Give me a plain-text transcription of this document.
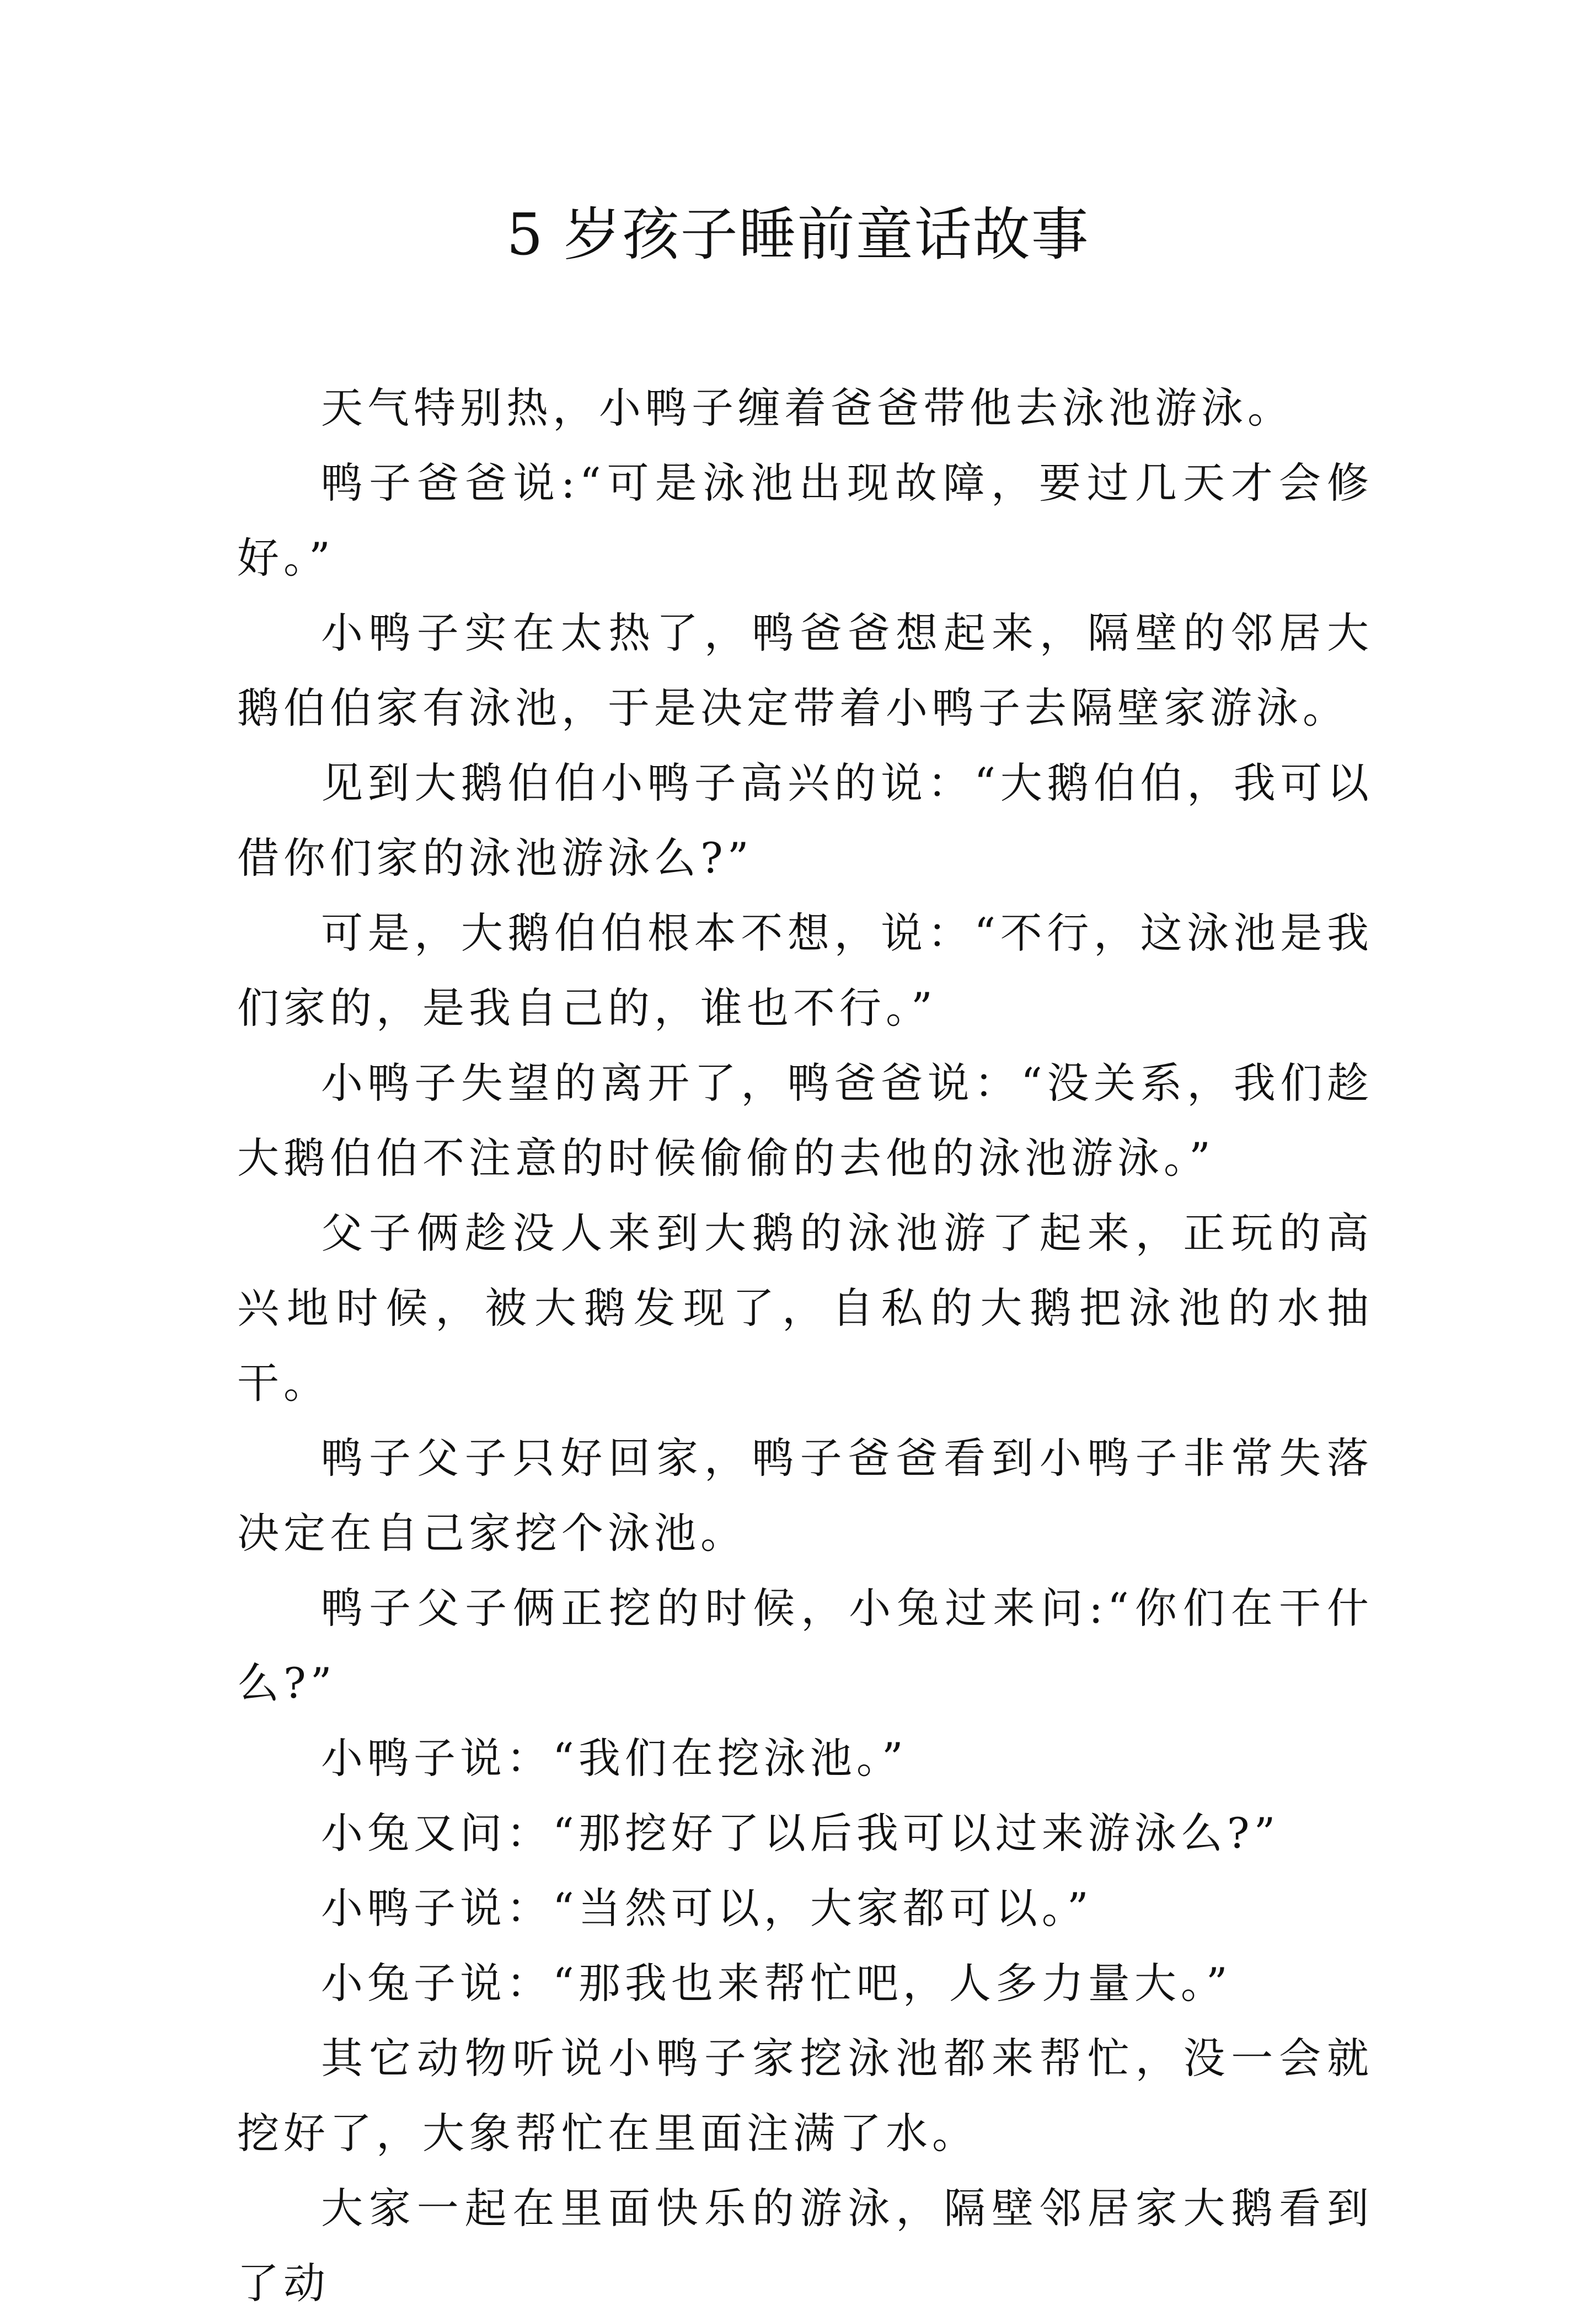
5 岁孩子睡前童话故事

天气特别热，小鸭子缠着爸爸带他去泳池游泳。

鸭子爸爸说:“可是泳池出现故障，要过几天才会修好。”

小鸭子实在太热了，鸭爸爸想起来，隔壁的邻居大鹅伯伯家有泳池，于是决定带着小鸭子去隔壁家游泳。

见到大鹅伯伯小鸭子高兴的说：“大鹅伯伯，我可以借你们家的泳池游泳么?”

可是，大鹅伯伯根本不想，说：“不行，这泳池是我们家的，是我自己的，谁也不行。”

小鸭子失望的离开了，鸭爸爸说：“没关系，我们趁大鹅伯伯不注意的时候偷偷的去他的泳池游泳。”

父子俩趁没人来到大鹅的泳池游了起来，正玩的高兴地时候，被大鹅发现了，自私的大鹅把泳池的水抽干。

鸭子父子只好回家，鸭子爸爸看到小鸭子非常失落决定在自己家挖个泳池。

鸭子父子俩正挖的时候，小兔过来问:“你们在干什么?”

小鸭子说：“我们在挖泳池。”

小兔又问：“那挖好了以后我可以过来游泳么?”

小鸭子说：“当然可以，大家都可以。”

小兔子说：“那我也来帮忙吧，人多力量大。”

其它动物听说小鸭子家挖泳池都来帮忙，没一会就挖好了，大象帮忙在里面注满了水。

大家一起在里面快乐的游泳，隔壁邻居家大鹅看到了动
